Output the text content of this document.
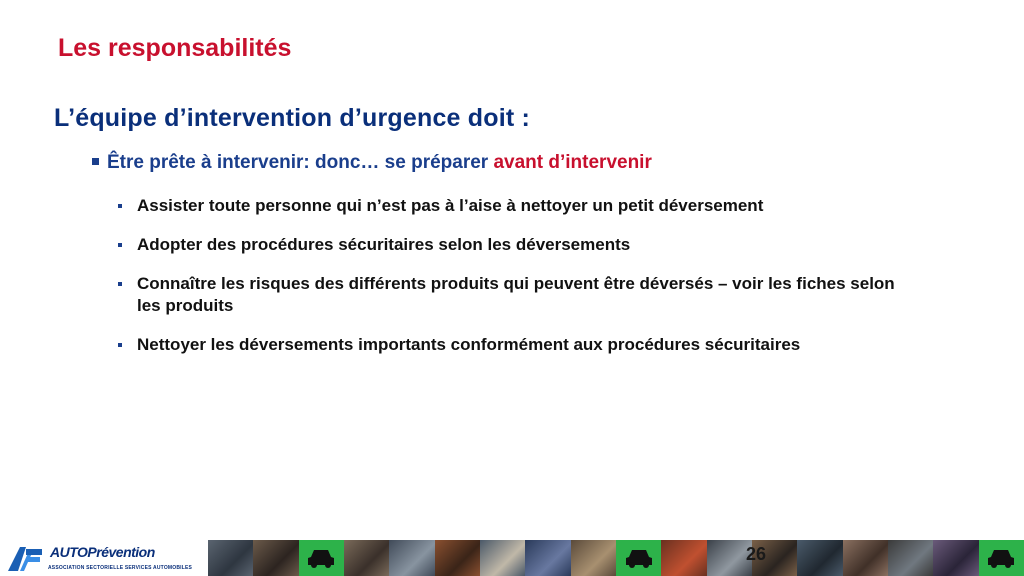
Les responsabilités
L’équipe d’intervention d’urgence doit :
Être prête à intervenir: donc… se préparer avant d’intervenir
Assister toute personne qui n’est pas à l’aise à nettoyer un petit déversement
Adopter des procédures sécuritaires selon les déversements
Connaître les risques des différents produits qui peuvent être déversés – voir les fiches selon les produits
Nettoyer les déversements importants conformément aux procédures sécuritaires
AUTOPrévention
ASSOCIATION SECTORIELLE SERVICES AUTOMOBILES
26
